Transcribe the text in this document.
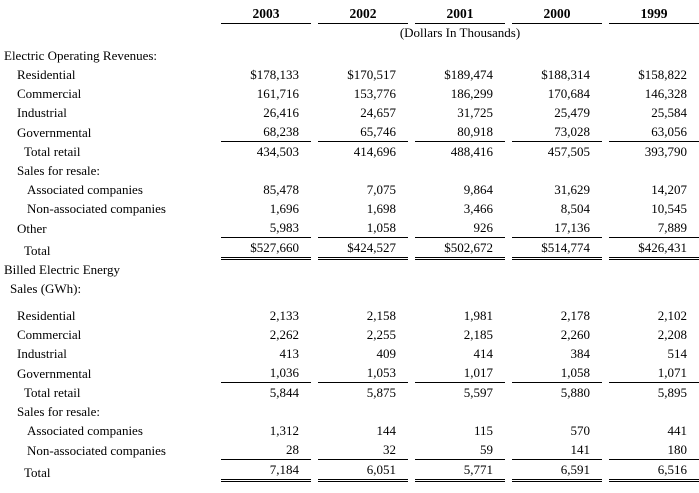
2003	2002	2001	2000	1999
(Dollars In Thousands)
Electric Operating Revenues:
Residential	$178,133	$170,517	$189,474	$188,314	$158,822
Commercial	161,716	153,776	186,299	170,684	146,328
Industrial	26,416	24,657	31,725	25,479	25,584
Governmental	68,238	65,746	80,918	73,028	63,056
Total retail	434,503	414,696	488,416	457,505	393,790
Sales for resale:
Associated companies	85,478	7,075	9,864	31,629	14,207
Non-associated companies	1,696	1,698	3,466	8,504	10,545
Other	5,983	1,058	926	17,136	7,889
Total	$527,660	$424,527	$502,672	$514,774	$426,431
Billed Electric Energy
Sales (GWh):
Residential	2,133	2,158	1,981	2,178	2,102
Commercial	2,262	2,255	2,185	2,260	2,208
Industrial	413	409	414	384	514
Governmental	1,036	1,053	1,017	1,058	1,071
Total retail	5,844	5,875	5,597	5,880	5,895
Sales for resale:
Associated companies	1,312	144	115	570	441
Non-associated companies	28	32	59	141	180
Total	7,184	6,051	5,771	6,591	6,516
